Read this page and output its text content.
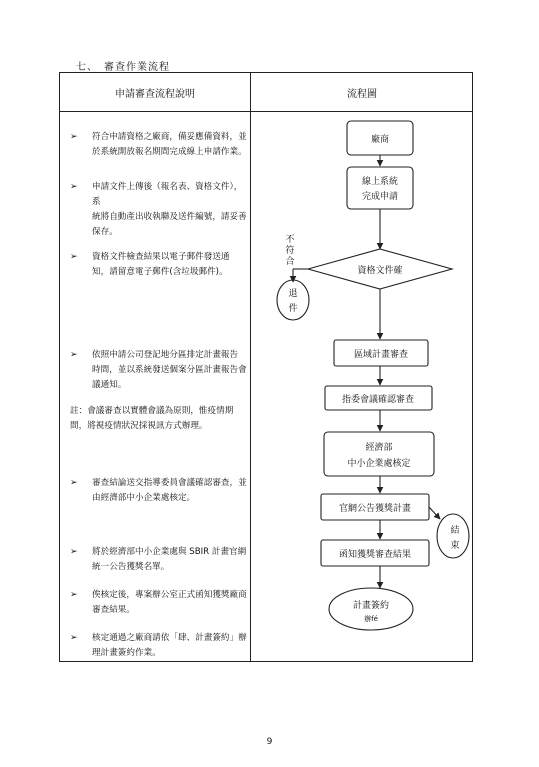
七、　審查作業流程
申請審查流程說明	流程圖
➢	符合申請資格之廠商，備妥應備資料，並
於系統開放報名期間完成線上申請作業。
➢	申請文件上傳後（報名表、資格文件），系
統將自動產出收執聯及送件編號，請妥善
保存。
➢	資格文件檢查結果以電子郵件發送通
知，請留意電子郵件(含垃圾郵件)。
➢	依照申請公司登記地分區排定計畫報告
時間，並以系統發送個案分區計畫報告會
議通知。
註：會議審查以實體會議為原則，惟疫情期
間，將視疫情狀況採視訊方式辦理。
➢	審查結論送交指導委員會議確認審查，並
由經濟部中小企業處核定。
➢	將於經濟部中小企業處與 SBIR 計畫官網
統一公告獲獎名單。
➢	俟核定後，專案辦公室正式函知獲獎廠商
審查結果。
➢	核定通過之廠商請依「肆、計畫簽約」辦
理計畫簽約作業。
廠商
線上系統
完成申請
資格文件確
不
符
合
退
件
區域計畫審查
指委會議確認審查
經濟部
中小企業處核定
官網公告獲獎計畫
函知獲獎審查結果
計畫簽約
辦fé
結
束
9
